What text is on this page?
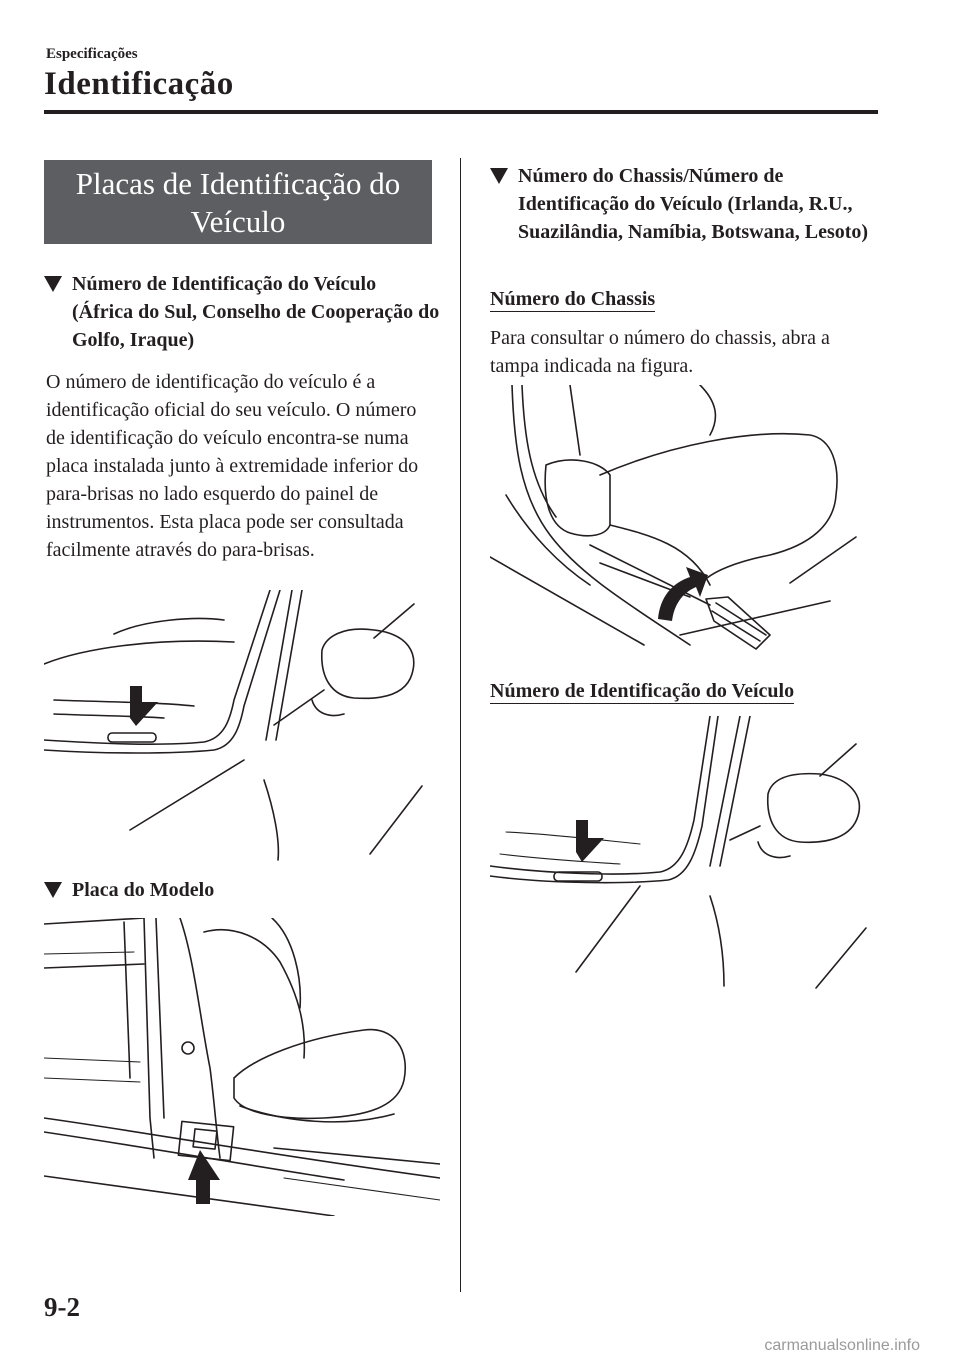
Especificações
Identificação
Placas de Identificação do Veículo
Número de Identificação do Veículo (África do Sul, Conselho de Cooperação do Golfo, Iraque)
O número de identificação do veículo é a identificação oficial do seu veículo. O número de identificação do veículo encontra-se numa placa instalada junto à extremidade inferior do para-brisas no lado esquerdo do painel de instrumentos. Esta placa pode ser consultada facilmente através do para-brisas.
Placa do Modelo
Número do Chassis/Número de Identificação do Veículo (Irlanda, R.U., Suazilândia, Namíbia, Botswana, Lesoto)
Número do Chassis
Para consultar o número do chassis, abra a tampa indicada na figura.
Número de Identificação do Veículo
9-2
carmanualsonline.info
